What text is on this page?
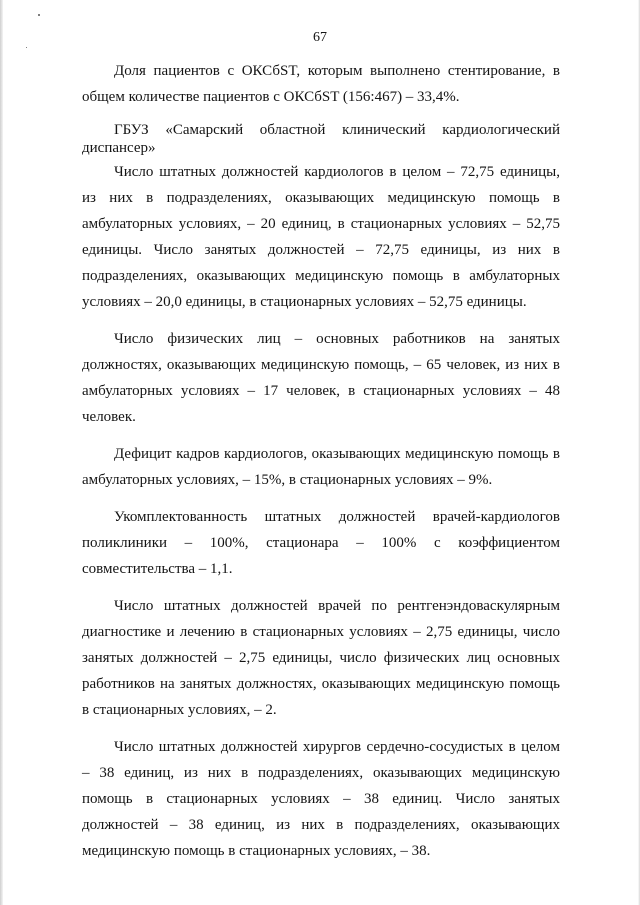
67

Доля пациентов с ОКСбST, которым выполнено стентирование, в общем количестве пациентов с ОКСбST (156:467) – 33,4%.

ГБУЗ «Самарский областной клинический кардиологический диспансер»

Число штатных должностей кардиологов в целом – 72,75 единицы, из них в подразделениях, оказывающих медицинскую помощь в амбулаторных условиях, – 20 единиц, в стационарных условиях – 52,75 единицы. Число занятых должностей – 72,75 единицы, из них в подразделениях, оказывающих медицинскую помощь в амбулаторных условиях – 20,0 единицы, в стационарных условиях – 52,75 единицы.

Число физических лиц – основных работников на занятых должностях, оказывающих медицинскую помощь, – 65 человек, из них в амбулаторных условиях – 17 человек, в стационарных условиях – 48 человек.

Дефицит кадров кардиологов, оказывающих медицинскую помощь в амбулаторных условиях, – 15%, в стационарных условиях – 9%.

Укомплектованность штатных должностей врачей-кардиологов поликлиники – 100%, стационара – 100% с коэффициентом совместительства – 1,1.

Число штатных должностей врачей по рентгенэндоваскулярным диагностике и лечению в стационарных условиях – 2,75 единицы, число занятых должностей – 2,75 единицы, число физических лиц основных работников на занятых должностях, оказывающих медицинскую помощь в стационарных условиях, – 2.

Число штатных должностей хирургов сердечно-сосудистых в целом – 38 единиц, из них в подразделениях, оказывающих медицинскую помощь в стационарных условиях – 38 единиц. Число занятых должностей – 38 единиц, из них в подразделениях, оказывающих медицинскую помощь в стационарных условиях, – 38.
